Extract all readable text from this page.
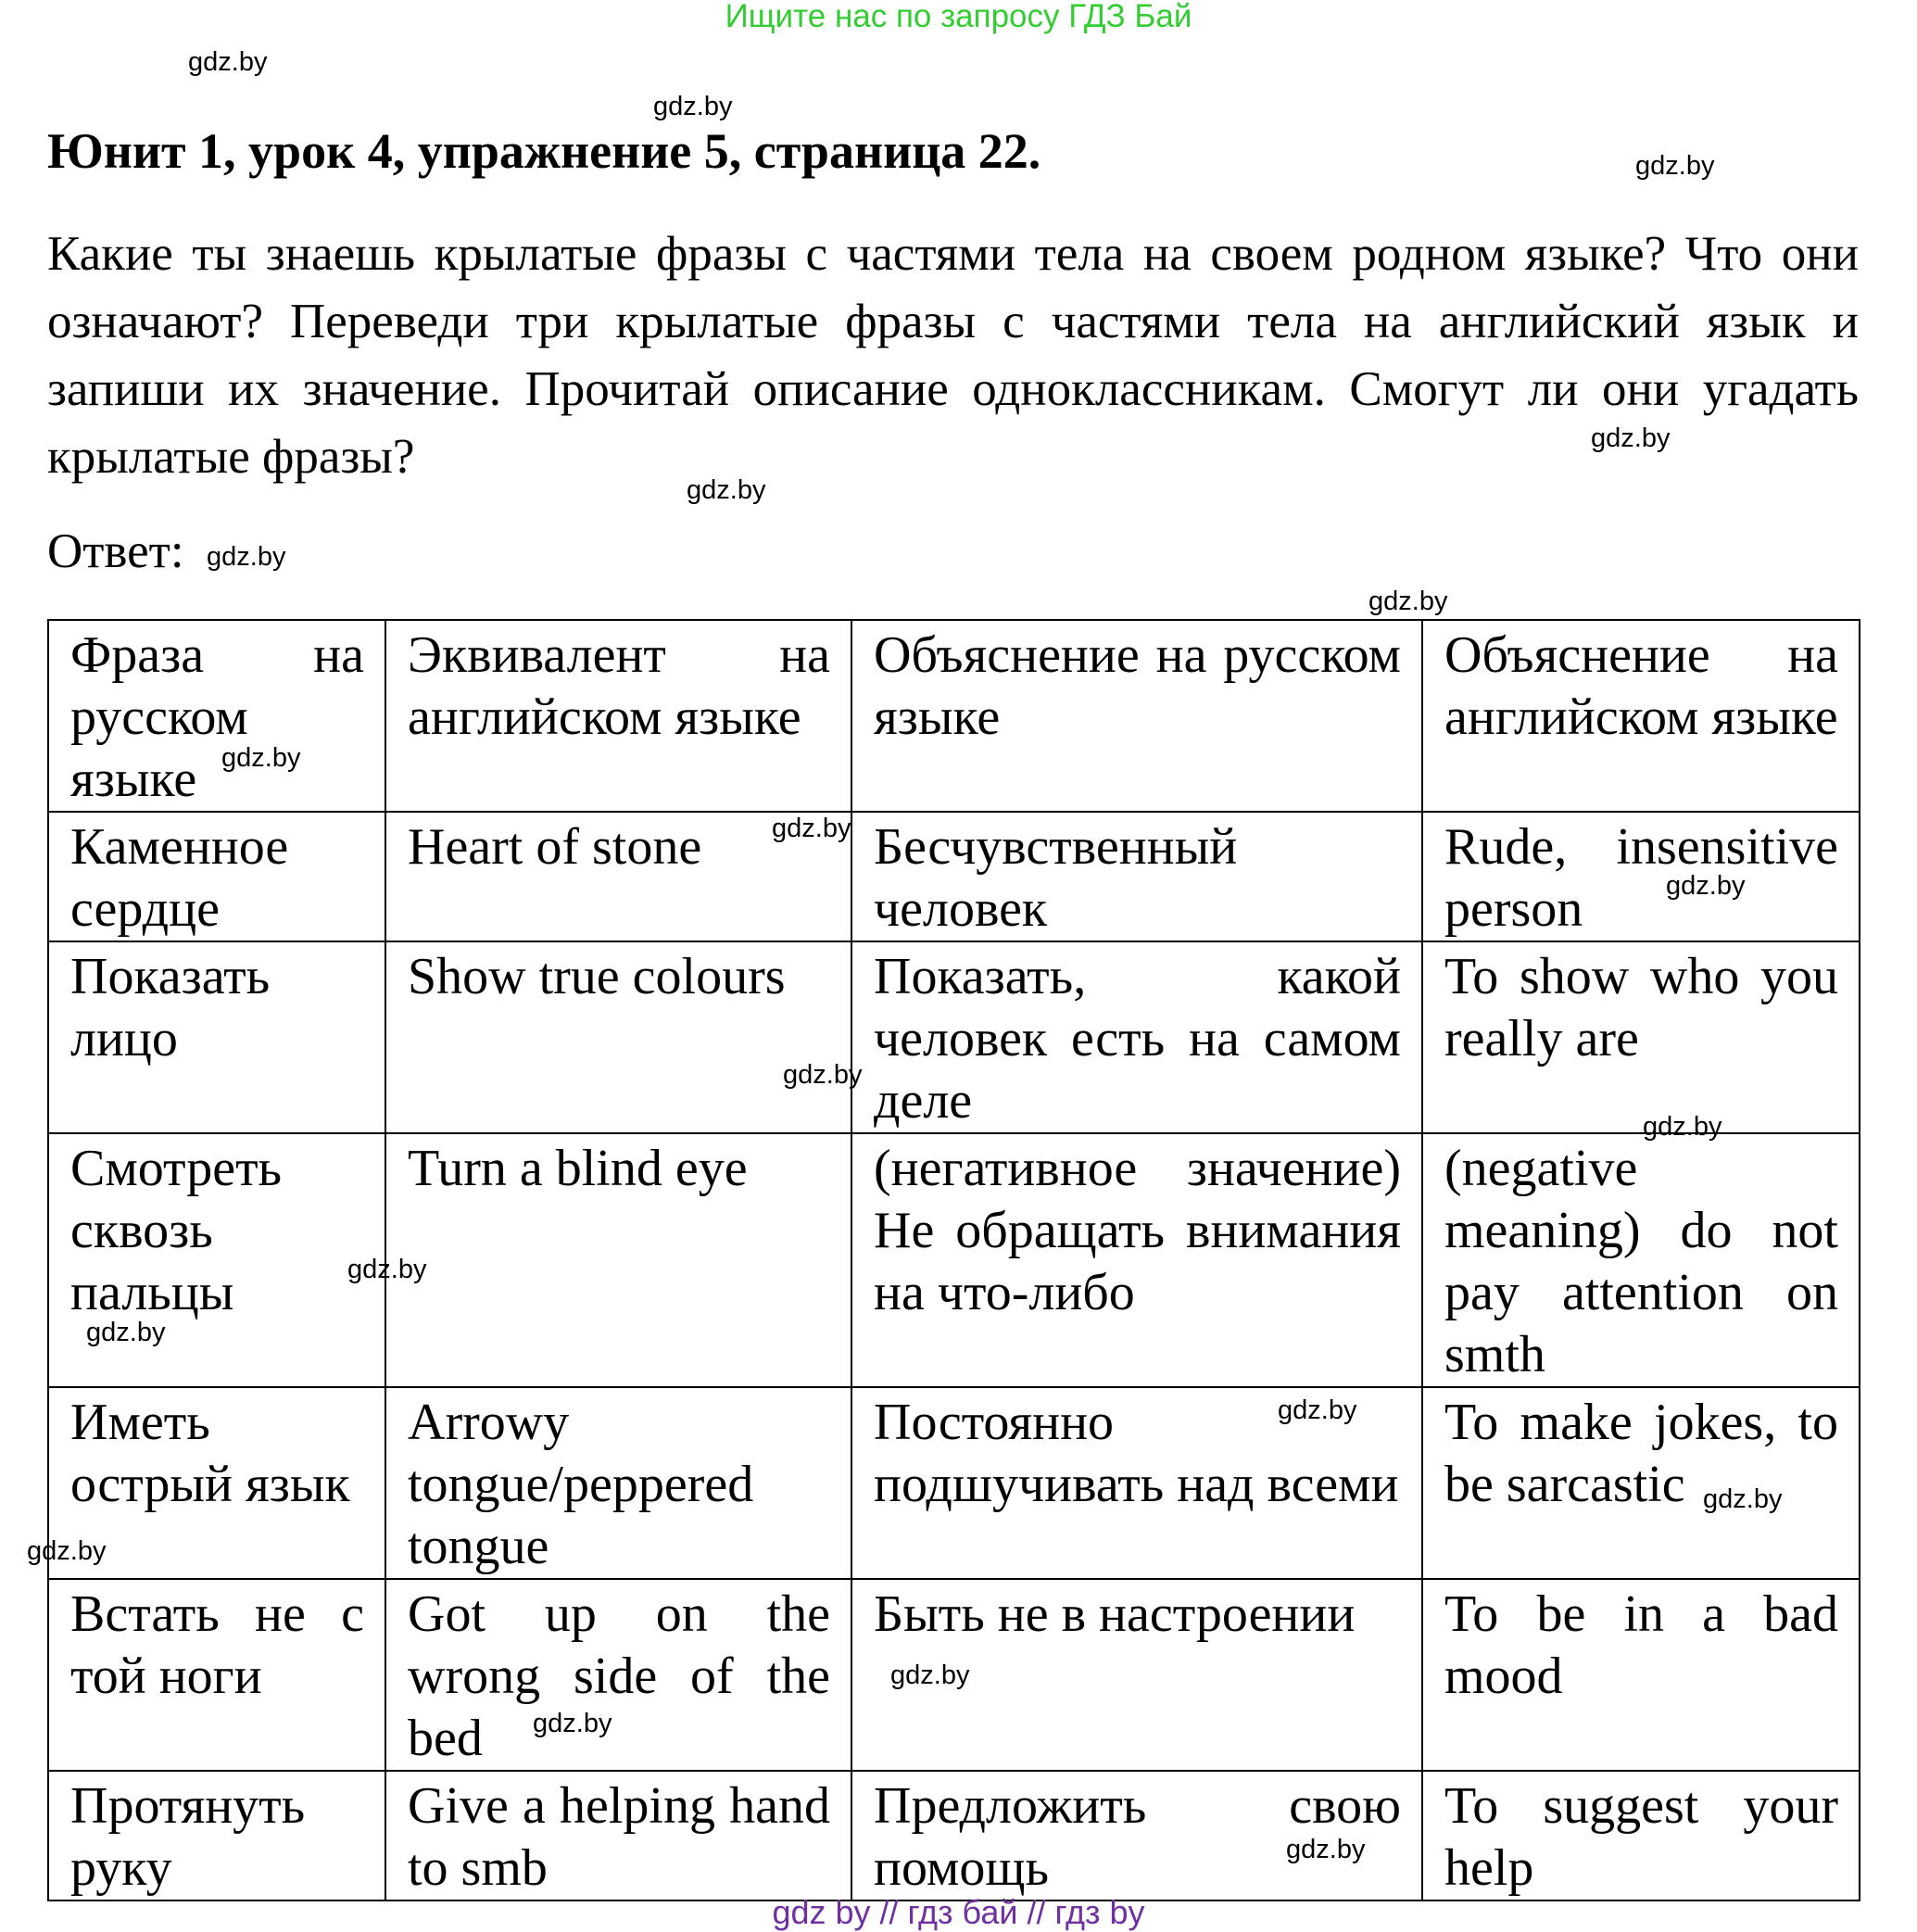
Ищите нас по запросу ГДЗ Бай
Юнит 1, урок 4, упражнение 5, страница 22.
Какие ты знаешь крылатые фразы с частями тела на своем родном языке? Что они означают? Переведи три крылатые фразы с частями тела на английский язык и запиши их значение. Прочитай описание одноклассникам. Смогут ли они угадать крылатые фразы?
Ответ:
Фраза на русском языке	Эквивалент на английском языке	Объяснение на русском языке	Объяснение на английском языке
Каменное сердце	Heart of stone	Бесчувственный человек	Rude, insensitive person
Показать лицо	Show true colours	Показать, какой человек есть на самом деле	To show who you really are
Смотреть сквозь пальцы	Turn a blind eye	(негативное значение) Не обращать внимания на что-либо	(negative meaning) do not pay attention on smth
Иметь острый язык	Arrowy tongue/peppered tongue	Постоянно подшучивать над всеми	To make jokes, to be sarcastic
Встать не с той ноги	Got up on the wrong side of the bed	Быть не в настроении	To be in a bad mood
Протянуть руку	Give a helping hand to smb	Предложить свою помощь	To suggest your help
gdz.by
gdz.by
gdz.by
gdz.by
gdz.by
gdz.by
gdz.by
gdz.by
gdz.by
gdz.by
gdz.by
gdz.by
gdz.by
gdz.by
gdz.by
gdz.by
gdz.by
gdz.by
gdz.by
gdz.by
gdz by // гдз бай // гдз by
